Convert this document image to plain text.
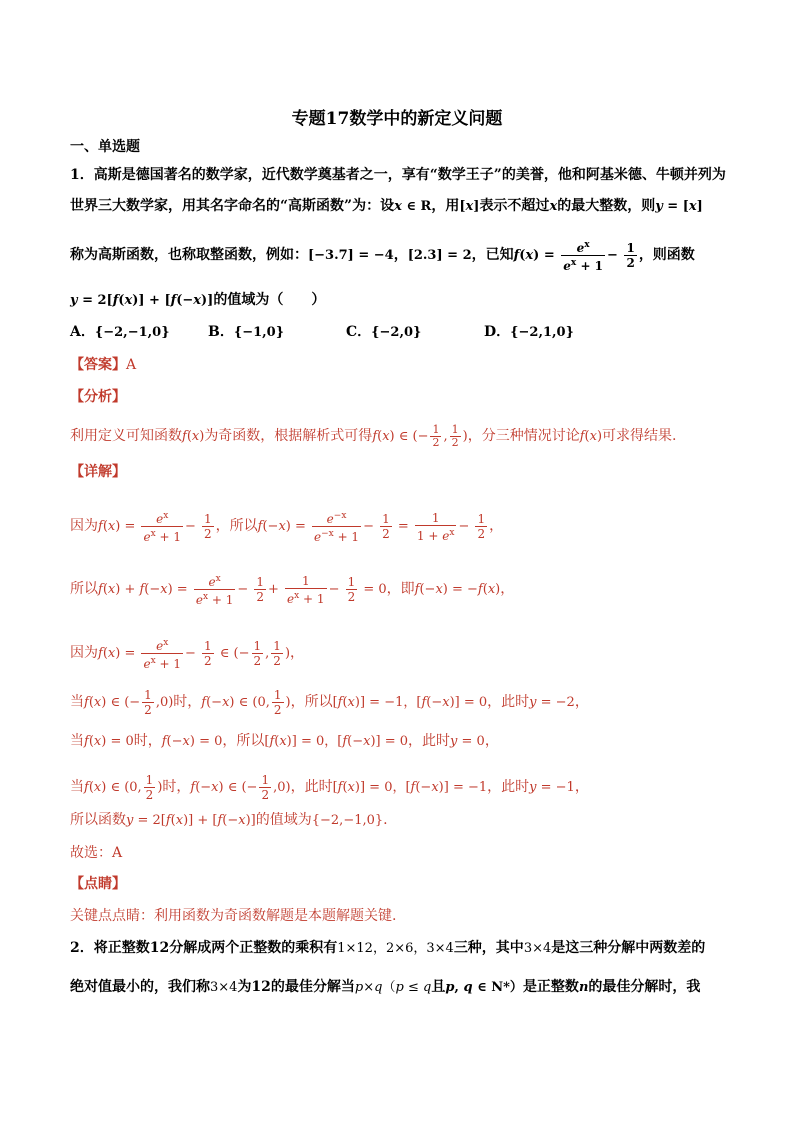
专题17数学中的新定义问题
一、单选题
1．高斯是德国著名的数学家，近代数学奠基者之一，享有“数学王子”的美誉，他和阿基米德、牛顿并列为
世界三大数学家，用其名字命名的“高斯函数”为：设x ∈ R，用[x]表示不超过x的最大整数，则y = [x]
称为高斯函数，也称取整函数，例如：[−3.7] = −4，[2.3] = 2，已知$f(x) = \frac{e^x}{e^x + 1} - \frac{1}{2}$ ，则函数
y = 2[f(x)] + [f(−x)]的值域为（　　）
A．{−2,−1,0}	B．{−1,0}	C．{−2,0}	D．{−2,1,0}
【答案】A
【分析】
利用定义可知函数f(x)为奇函数，根据解析式可得f(x) ∈ (− $\frac{1}{2}$ , $\frac{1}{2}$ )，分三种情况讨论f(x)可求得结果.
【详解】
因为$f(x) = \frac{e^x}{e^x + 1} - \frac{1}{2}$ ，所以$f(-x) = \frac{e^{-x}}{e^{-x} + 1} - \frac{1}{2} = \frac{1}{1 + e^x} - \frac{1}{2}$ ，
所以$f(x) + f(-x) = \frac{e^x}{e^x + 1} - \frac{1}{2} + \frac{1}{e^x + 1} - \frac{1}{2} = 0$，即f(−x) = −f(x)，
因为$f(x) = \frac{e^x}{e^x + 1} - \frac{1}{2}$ ∈ (− $\frac{1}{2}$ , $\frac{1}{2}$ )，
当f(x) ∈ (− $\frac{1}{2} ,0$)时，f(−x) ∈ (0, $\frac{1}{2}$ )，所以[f(x)] = −1，[f(−x)] = 0，此时y = −2，
当f(x) = 0时，f(−x) = 0，所以[f(x)] = 0，[f(−x)] = 0，此时y = 0，
当f(x) ∈ (0, $\frac{1}{2}$ )时，f(−x) ∈ (− $\frac{1}{2} ,0$)，此时[f(x)] = 0，[f(−x)] = −1，此时y = −1，
所以函数y = 2[f(x)] + [f(−x)]的值域为{−2,−1,0}.
故选：A
【点睛】
关键点点睛：利用函数为奇函数解题是本题解题关键.
2．将正整数12分解成两个正整数的乘积有1×12，2×6，3×4三种，其中3×4是这三种分解中两数差的
绝对值最小的，我们称3×4为12的最佳分解当p×q（p ≤ q且p, q ∈ N*）是正整数n的最佳分解时，我
